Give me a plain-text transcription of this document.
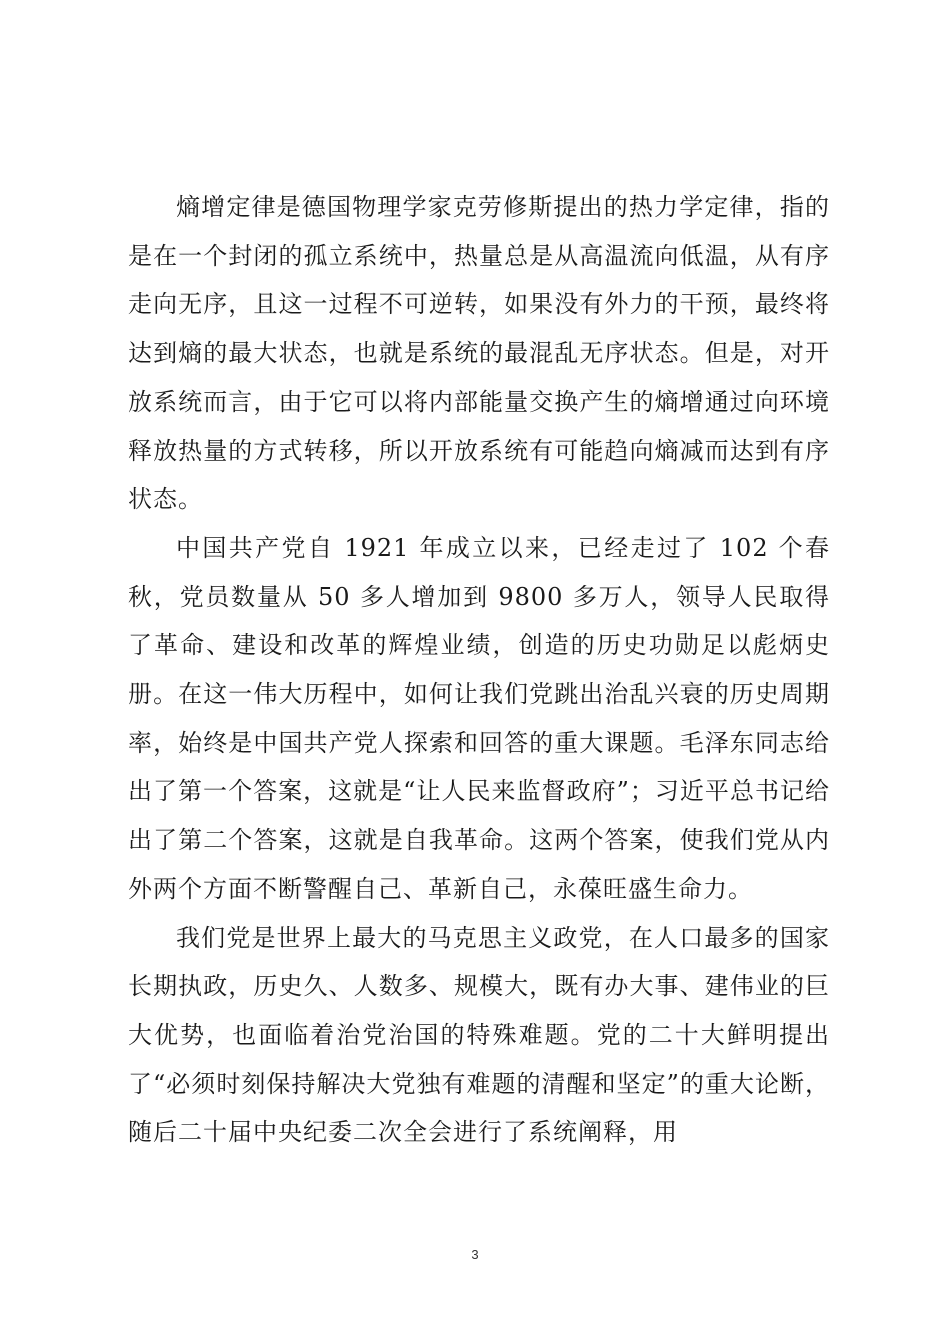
熵增定律是德国物理学家克劳修斯提出的热力学定律，指的是在一个封闭的孤立系统中，热量总是从高温流向低温，从有序走向无序，且这一过程不可逆转，如果没有外力的干预，最终将达到熵的最大状态，也就是系统的最混乱无序状态。但是，对开放系统而言，由于它可以将内部能量交换产生的熵增通过向环境释放热量的方式转移，所以开放系统有可能趋向熵减而达到有序状态。

中国共产党自 1921 年成立以来，已经走过了 102 个春秋，党员数量从 50 多人增加到 9800 多万人，领导人民取得了革命、建设和改革的辉煌业绩，创造的历史功勋足以彪炳史册。在这一伟大历程中，如何让我们党跳出治乱兴衰的历史周期率，始终是中国共产党人探索和回答的重大课题。毛泽东同志给出了第一个答案，这就是“让人民来监督政府”；习近平总书记给出了第二个答案，这就是自我革命。这两个答案，使我们党从内外两个方面不断警醒自己、革新自己，永葆旺盛生命力。

我们党是世界上最大的马克思主义政党，在人口最多的国家长期执政，历史久、人数多、规模大，既有办大事、建伟业的巨大优势，也面临着治党治国的特殊难题。党的二十大鲜明提出了“必须时刻保持解决大党独有难题的清醒和坚定”的重大论断，随后二十届中央纪委二次全会进行了系统阐释，用

3
